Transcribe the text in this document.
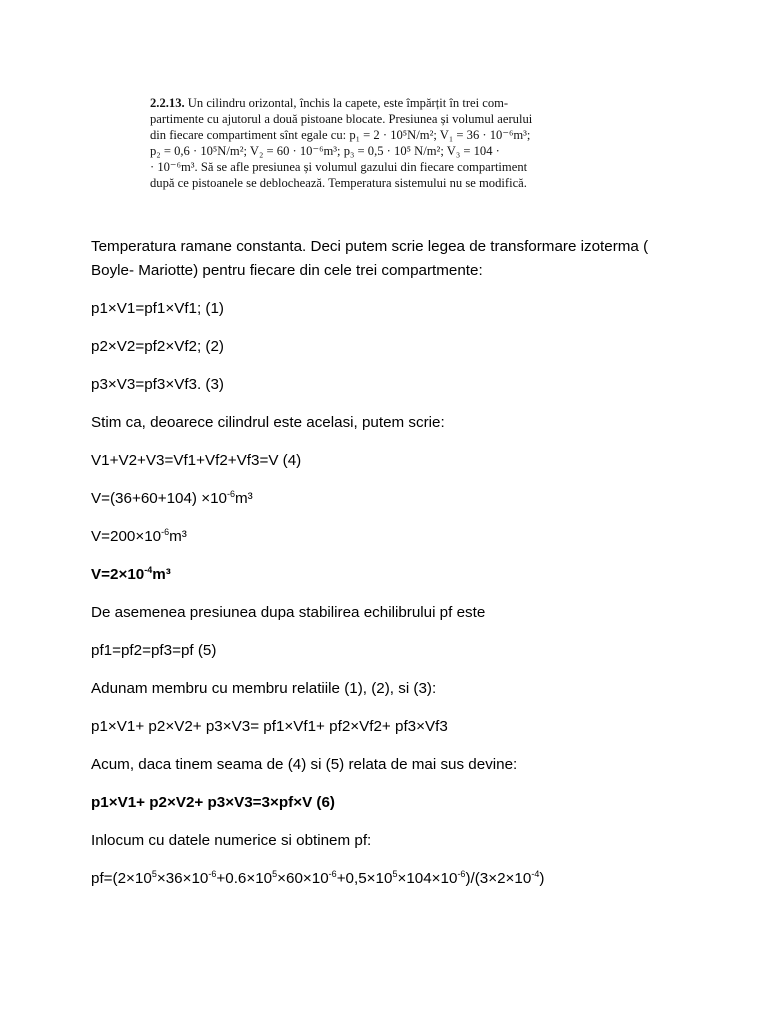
2.2.13. Un cilindru orizontal, închis la capete, este împărțit în trei com-

partimente cu ajutorul a două pistoane blocate. Presiunea și volumul aerului

din fiecare compartiment sînt egale cu: p₁ = 2 · 10⁵N/m²; V₁ = 36 · 10⁻⁶m³;

p₂ = 0,6 · 10⁵N/m²; V₂ = 60 · 10⁻⁶m³; p₃ = 0,5 · 10⁵ N/m²; V₃ = 104 ·

· 10⁻⁶m³. Să se afle presiunea și volumul gazului din fiecare compartiment

după ce pistoanele se deblochează. Temperatura sistemului nu se modifică.

Temperatura ramane constanta. Deci putem scrie legea de transformare izoterma ( Boyle- Mariotte) pentru fiecare din cele trei compartmente:

p1×V1=pf1×Vf1; (1)

p2×V2=pf2×Vf2; (2)

p3×V3=pf3×Vf3. (3)

Stim ca, deoarece cilindrul este acelasi, putem scrie:

V1+V2+V3=Vf1+Vf2+Vf3=V (4)

$V=(36+60+104) \times 10^{-6}m^3$

$V=200\times 10^{-6}m^3$

$V=2\times 10^{-4}m^3$

De asemenea presiunea dupa stabilirea echilibrului pf este

pf1=pf2=pf3=pf (5)

Adunam membru cu membru relatiile (1), (2), si (3):

p1×V1+ p2×V2+ p3×V3= pf1×Vf1+ pf2×Vf2+ pf3×Vf3

Acum, daca tinem seama de (4) si (5) relata de mai sus devine:

p1×V1+ p2×V2+ p3×V3=3×pf×V (6)

Inlocum cu datele numerice si obtinem pf:

$pf=(2\times 10^5\times 36\times 10^{-6}+0.6\times 10^5\times 60\times 10^{-6}+0,5\times 10^5\times 104\times 10^{-6})/(3\times 2\times 10^{-4})$
